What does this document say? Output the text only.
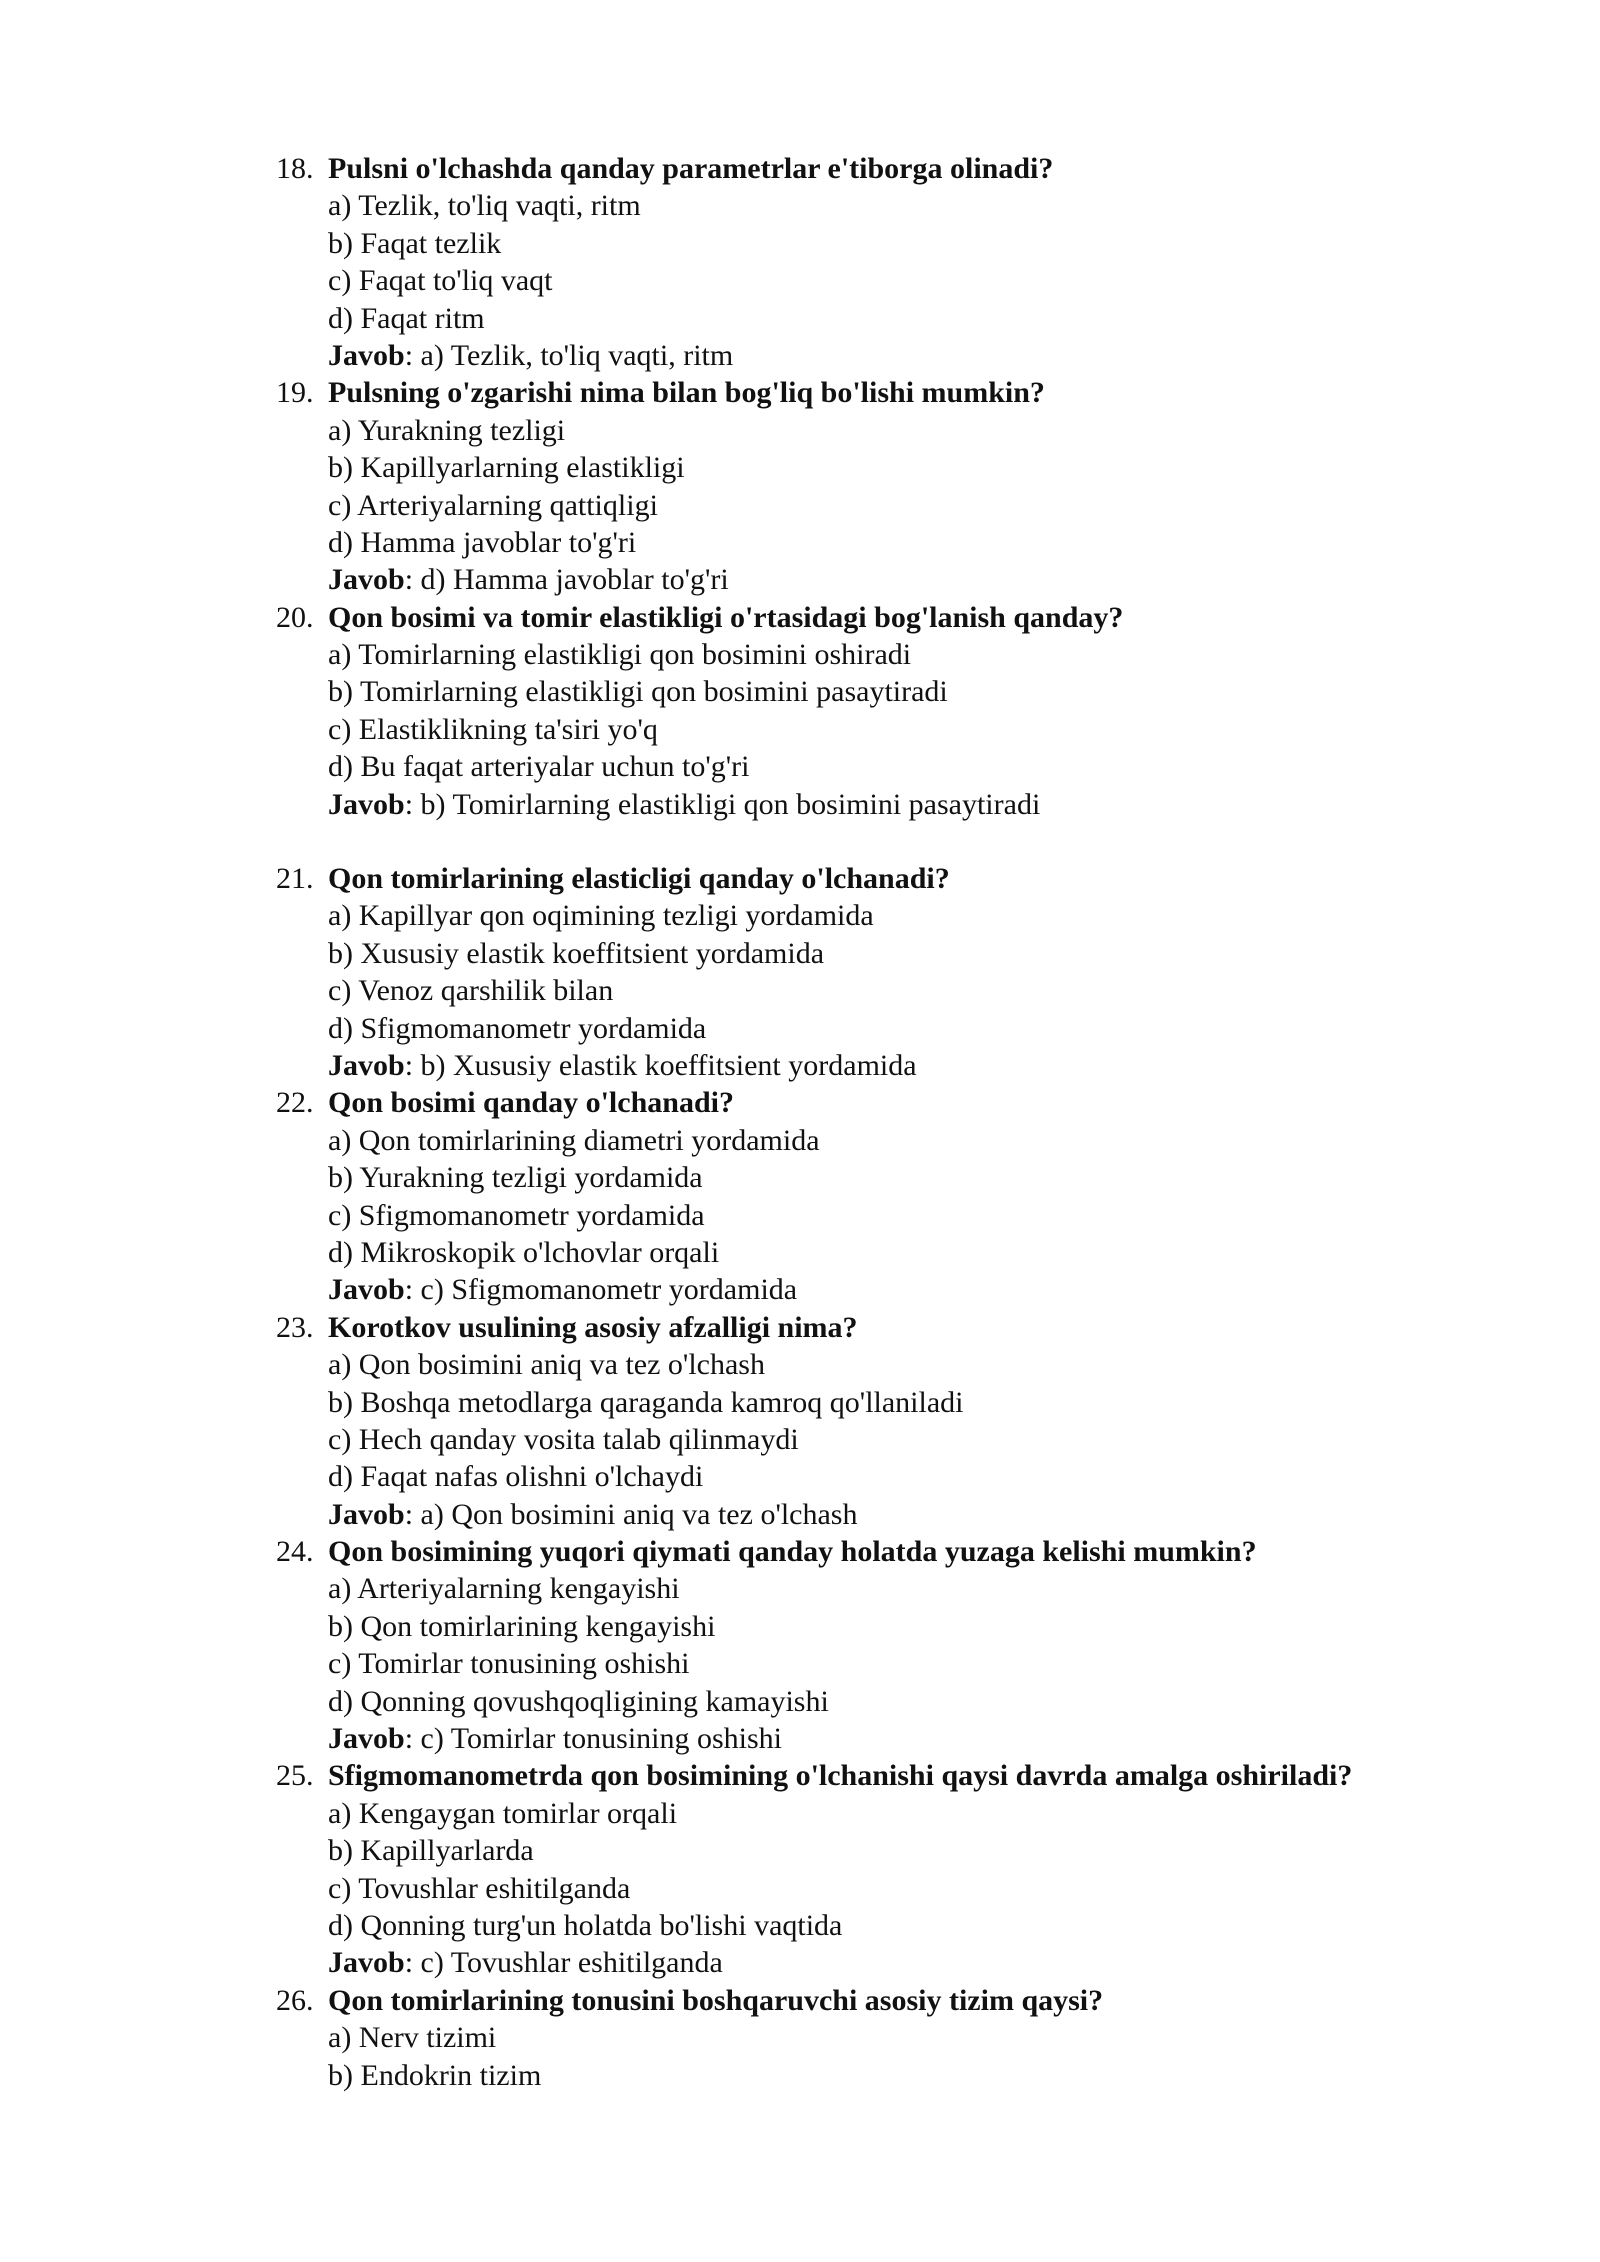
18. Pulsni o'lchashda qanday parametrlar e'tiborga olinadi?
a) Tezlik, to'liq vaqti, ritm
b) Faqat tezlik
c) Faqat to'liq vaqt
d) Faqat ritm
Javob: a) Tezlik, to'liq vaqti, ritm
19. Pulsning o'zgarishi nima bilan bog'liq bo'lishi mumkin?
a) Yurakning tezligi
b) Kapillyarlarning elastikligi
c) Arteriyalarning qattiqligi
d) Hamma javoblar to'g'ri
Javob: d) Hamma javoblar to'g'ri
20. Qon bosimi va tomir elastikligi o'rtasidagi bog'lanish qanday?
a) Tomirlarning elastikligi qon bosimini oshiradi
b) Tomirlarning elastikligi qon bosimini pasaytiradi
c) Elastiklikning ta'siri yo'q
d) Bu faqat arteriyalar uchun to'g'ri
Javob: b) Tomirlarning elastikligi qon bosimini pasaytiradi
21. Qon tomirlarining elasticligi qanday o'lchanadi?
a) Kapillyar qon oqimining tezligi yordamida
b) Xususiy elastik koeffitsient yordamida
c) Venoz qarshilik bilan
d) Sfigmomanometr yordamida
Javob: b) Xususiy elastik koeffitsient yordamida
22. Qon bosimi qanday o'lchanadi?
a) Qon tomirlarining diametri yordamida
b) Yurakning tezligi yordamida
c) Sfigmomanometr yordamida
d) Mikroskopik o'lchovlar orqali
Javob: c) Sfigmomanometr yordamida
23. Korotkov usulining asosiy afzalligi nima?
a) Qon bosimini aniq va tez o'lchash
b) Boshqa metodlarga qaraganda kamroq qo'llaniladi
c) Hech qanday vosita talab qilinmaydi
d) Faqat nafas olishni o'lchaydi
Javob: a) Qon bosimini aniq va tez o'lchash
24. Qon bosimining yuqori qiymati qanday holatda yuzaga kelishi mumkin?
a) Arteriyalarning kengayishi
b) Qon tomirlarining kengayishi
c) Tomirlar tonusining oshishi
d) Qonning qovushqoqligining kamayishi
Javob: c) Tomirlar tonusining oshishi
25. Sfigmomanometrda qon bosimining o'lchanishi qaysi davrda amalga oshiriladi?
a) Kengaygan tomirlar orqali
b) Kapillyarlarda
c) Tovushlar eshitilganda
d) Qonning turg'un holatda bo'lishi vaqtida
Javob: c) Tovushlar eshitilganda
26. Qon tomirlarining tonusini boshqaruvchi asosiy tizim qaysi?
a) Nerv tizimi
b) Endokrin tizim
